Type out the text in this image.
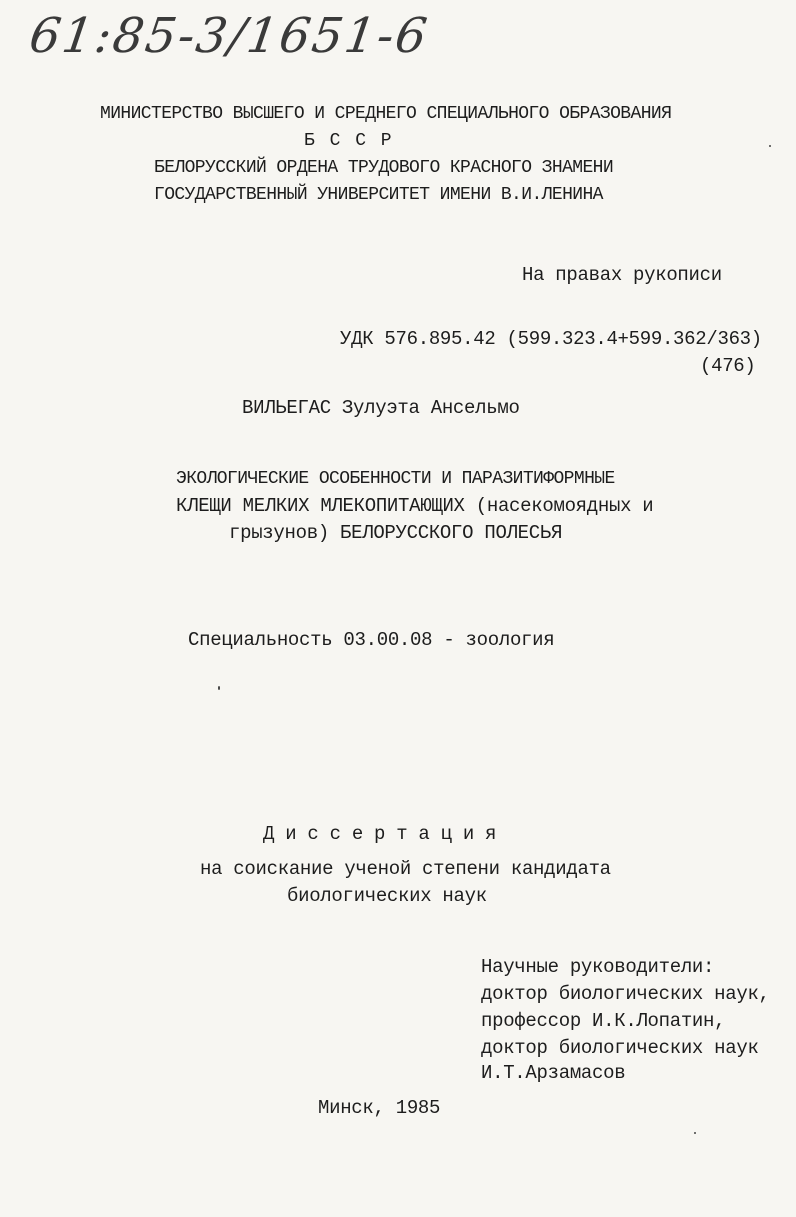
61:85-3/1651-6
МИНИСТЕРСТВО ВЫСШЕГО И СРЕДНЕГО СПЕЦИАЛЬНОГО ОБРАЗОВАНИЯ
Б С С Р
БЕЛОРУССКИЙ ОРДЕНА ТРУДОВОГО КРАСНОГО ЗНАМЕНИ
ГОСУДАРСТВЕННЫЙ УНИВЕРСИТЕТ ИМЕНИ В.И.ЛЕНИНА
На правах рукописи
УДК 576.895.42 (599.323.4+599.362/363)
(476)
ВИЛЬЕГАС Зулуэта Ансельмо
ЭКОЛОГИЧЕСКИЕ ОСОБЕННОСТИ И ПАРАЗИТИФОРМНЫЕ
КЛЕЩИ МЕЛКИХ МЛЕКОПИТАЮЩИХ (насекомоядных и
грызунов) БЕЛОРУССКОГО ПОЛЕСЬЯ
Специальность 03.00.08 - зоология
Д и с с е р т а ц и я
на соискание ученой степени кандидата
биологических наук
Научные руководители:
доктор биологических наук,
профессор И.К.Лопатин,
доктор биологических наук
И.Т.Арзамасов
Минск, 1985
